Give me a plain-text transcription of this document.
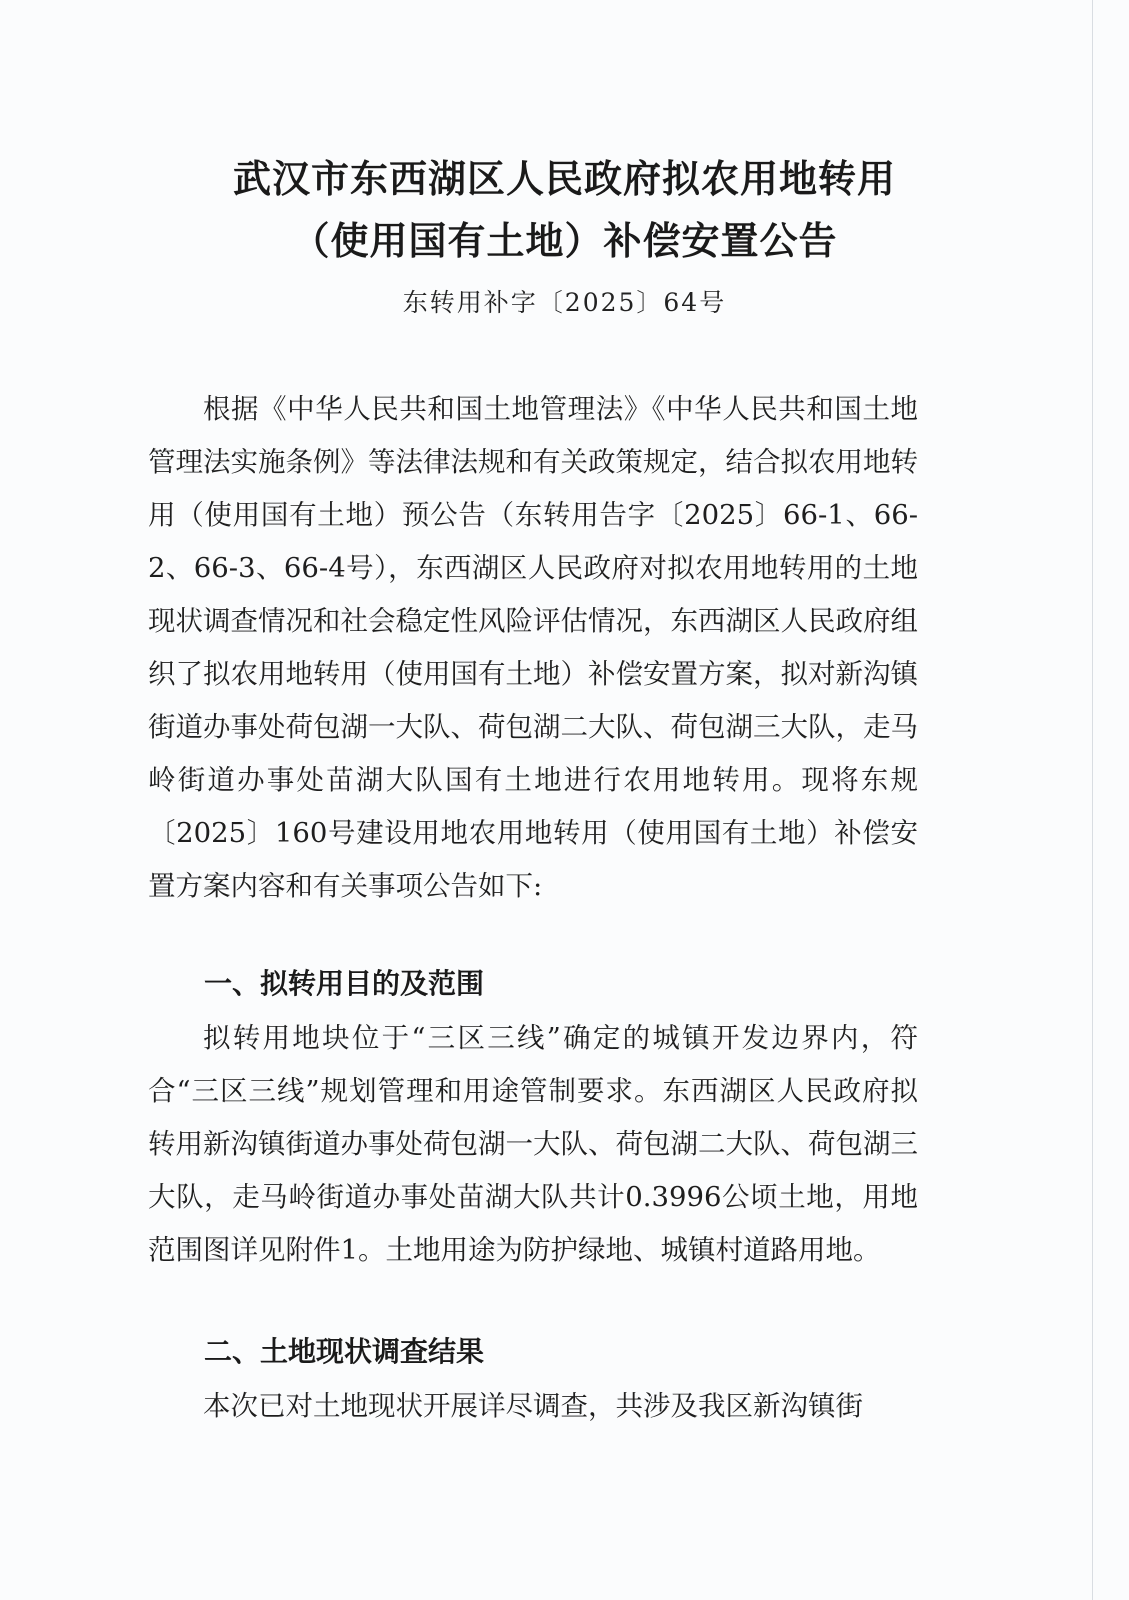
武汉市东西湖区人民政府拟农用地转用
（使用国有土地）补偿安置公告
东转用补字〔2025〕64号

根据《中华人民共和国土地管理法》《中华人民共和国土地管理法实施条例》等法律法规和有关政策规定，结合拟农用地转用（使用国有土地）预公告（东转用告字〔2025〕66-1、66-2、66-3、66-4号），东西湖区人民政府对拟农用地转用的土地现状调查情况和社会稳定性风险评估情况，东西湖区人民政府组织了拟农用地转用（使用国有土地）补偿安置方案，拟对新沟镇街道办事处荷包湖一大队、荷包湖二大队、荷包湖三大队，走马岭街道办事处苗湖大队国有土地进行农用地转用。现将东规〔2025〕160号建设用地农用地转用（使用国有土地）补偿安置方案内容和有关事项公告如下:

一、拟转用目的及范围

拟转用地块位于“三区三线”确定的城镇开发边界内，符合“三区三线”规划管理和用途管制要求。东西湖区人民政府拟转用新沟镇街道办事处荷包湖一大队、荷包湖二大队、荷包湖三大队，走马岭街道办事处苗湖大队共计0.3996公顷土地，用地范围图详见附件1。土地用途为防护绿地、城镇村道路用地。

二、土地现状调查结果

本次已对土地现状开展详尽调查，共涉及我区新沟镇街
